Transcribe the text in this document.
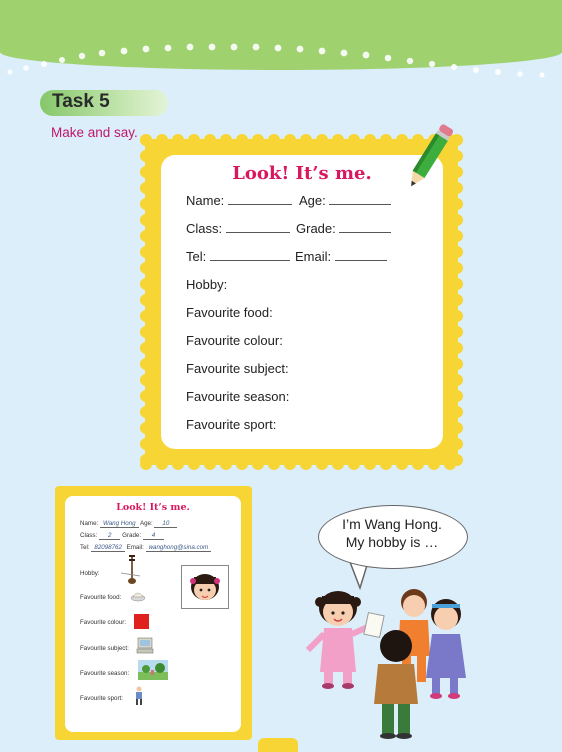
Task 5
Make and say.
Look! It’s me.
Name:	Age:
Class:	Grade:
Tel:	Email:
Hobby:
Favourite food:
Favourite colour:
Favourite subject:
Favourite season:
Favourite sport:
Look! It’s me.
Name: Wang Hong Age: 10
Class: 2 Grade: 4
Tel: 82098762 Email: wanghong@sina.com
Hobby:
Favourite food:
Favourite colour:
Favourite subject:
Favourite season:
Favourite sport:
I’m Wang Hong.
My hobby is …
